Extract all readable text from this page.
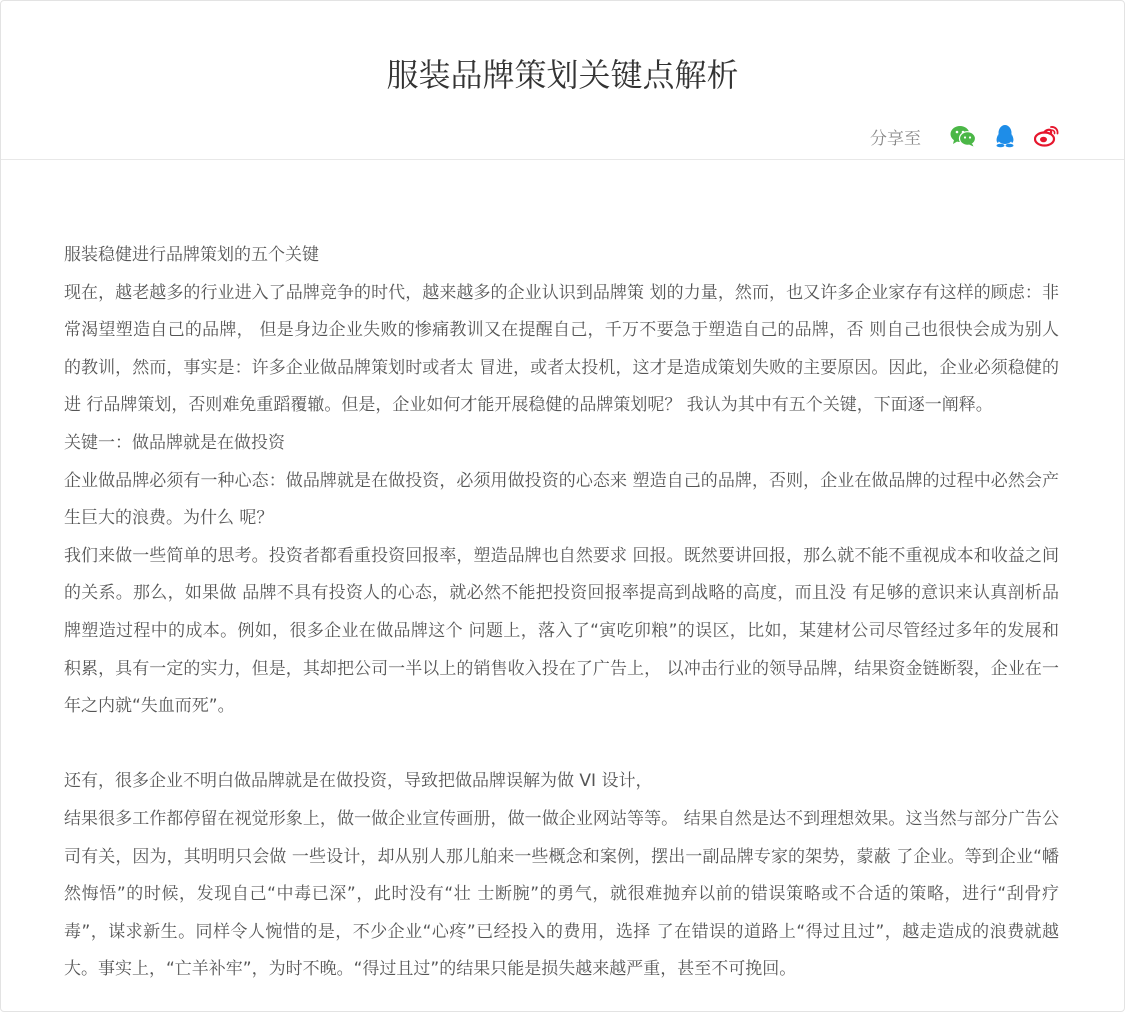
服装品牌策划关键点解析
分享至

服装稳健进行品牌策划的五个关键

现在，越老越多的行业进入了品牌竞争的时代，越来越多的企业认识到品牌策 划的力量，然而，也又许多企业家存有这样的顾虑：非常渴望塑造自己的品牌， 但是身边企业失败的惨痛教训又在提醒自己，千万不要急于塑造自己的品牌，否 则自己也很快会成为别人的教训，然而，事实是：许多企业做品牌策划时或者太 冒进，或者太投机，这才是造成策划失败的主要原因。因此，企业必须稳健的进 行品牌策划，否则难免重蹈覆辙。但是，企业如何才能开展稳健的品牌策划呢？ 我认为其中有五个关键，下面逐一阐释。

关键一：做品牌就是在做投资

企业做品牌必须有一种心态：做品牌就是在做投资，必须用做投资的心态来 塑造自己的品牌，否则，企业在做品牌的过程中必然会产生巨大的浪费。为什么 呢？

我们来做一些简单的思考。投资者都看重投资回报率，塑造品牌也自然要求 回报。既然要讲回报，那么就不能不重视成本和收益之间的关系。那么，如果做 品牌不具有投资人的心态，就必然不能把投资回报率提高到战略的高度，而且没 有足够的意识来认真剖析品牌塑造过程中的成本。例如，很多企业在做品牌这个 问题上，落入了“寅吃卯粮”的误区，比如，某建材公司尽管经过多年的发展和 积累，具有一定的实力，但是，其却把公司一半以上的销售收入投在了广告上， 以冲击行业的领导品牌，结果资金链断裂，企业在一年之内就“失血而死”。

还有，很多企业不明白做品牌就是在做投资，导致把做品牌误解为做 VI 设计，

结果很多工作都停留在视觉形象上，做一做企业宣传画册，做一做企业网站等等。 结果自然是达不到理想效果。这当然与部分广告公司有关，因为，其明明只会做 一些设计，却从别人那儿舶来一些概念和案例，摆出一副品牌专家的架势，蒙蔽 了企业。等到企业“幡然悔悟”的时候，发现自己“中毒已深”，此时没有“壮 士断腕”的勇气，就很难抛弃以前的错误策略或不合适的策略，进行“刮骨疗 毒”，谋求新生。同样令人惋惜的是，不少企业“心疼”已经投入的费用，选择 了在错误的道路上“得过且过”，越走造成的浪费就越大。事实上，“亡羊补牢”，为时不晚。“得过且过”的结果只能是损失越来越严重，甚至不可挽回。
